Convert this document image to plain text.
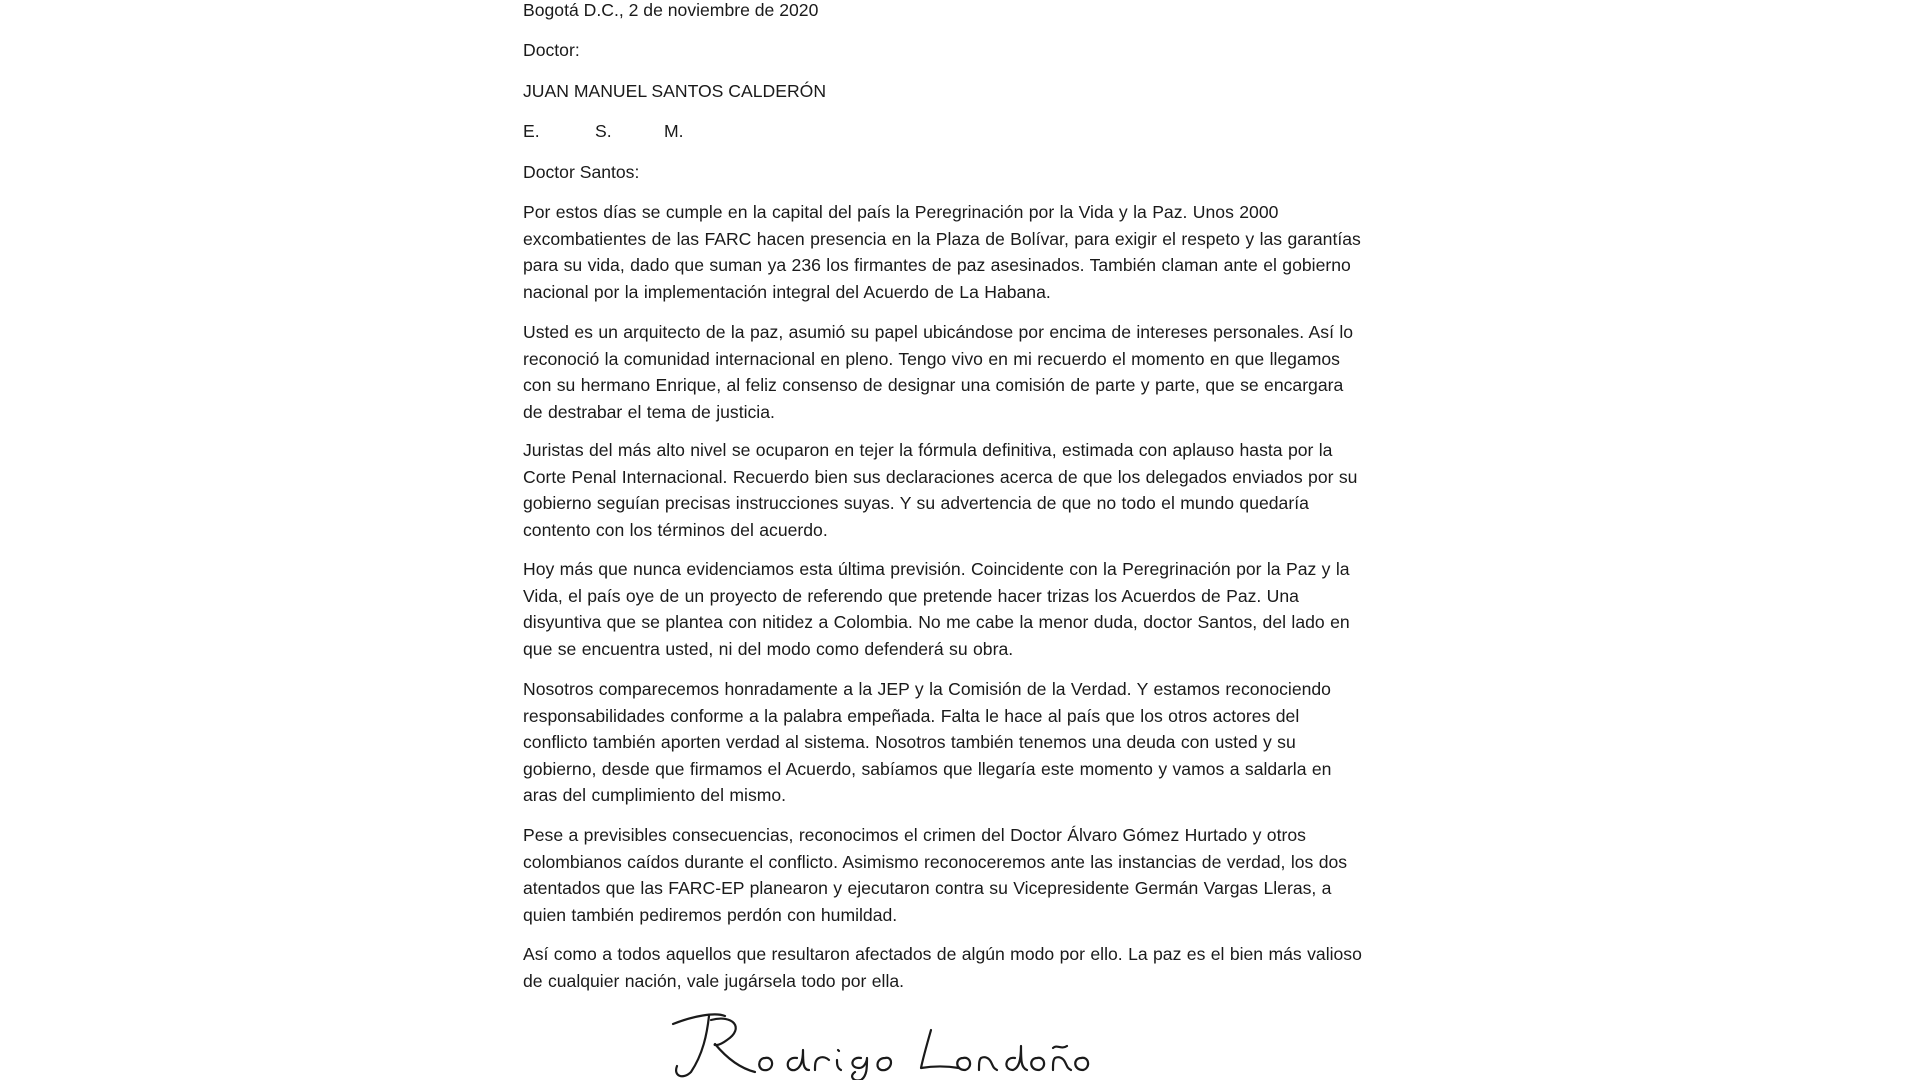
Bogotá D.C., 2 de noviembre de 2020
Doctor:
JUAN MANUEL SANTOS CALDERÓN
E.	S.	M.
Doctor Santos:

Por estos días se cumple en la capital del país la Peregrinación por la Vida y la Paz. Unos 2000 excombatientes de las FARC hacen presencia en la Plaza de Bolívar, para exigir el respeto y las garantías para su vida, dado que suman ya 236 los firmantes de paz asesinados. También claman ante el gobierno nacional por la implementación integral del Acuerdo de La Habana.

Usted es un arquitecto de la paz, asumió su papel ubicándose por encima de intereses personales. Así lo reconoció la comunidad internacional en pleno. Tengo vivo en mi recuerdo el momento en que llegamos con su hermano Enrique, al feliz consenso de designar una comisión de parte y parte, que se encargara de destrabar el tema de justicia.

Juristas del más alto nivel se ocuparon en tejer la fórmula definitiva, estimada con aplauso hasta por la Corte Penal Internacional. Recuerdo bien sus declaraciones acerca de que los delegados enviados por su gobierno seguían precisas instrucciones suyas. Y su advertencia de que no todo el mundo quedaría contento con los términos del acuerdo.

Hoy más que nunca evidenciamos esta última previsión. Coincidente con la Peregrinación por la Paz y la Vida, el país oye de un proyecto de referendo que pretende hacer trizas los Acuerdos de Paz. Una disyuntiva que se plantea con nitidez a Colombia. No me cabe la menor duda, doctor Santos, del lado en que se encuentra usted, ni del modo como defenderá su obra.

Nosotros comparecemos honradamente a la JEP y la Comisión de la Verdad. Y estamos reconociendo responsabilidades conforme a la palabra empeñada. Falta le hace al país que los otros actores del conflicto también aporten verdad al sistema. Nosotros también tenemos una deuda con usted y su gobierno, desde que firmamos el Acuerdo, sabíamos que llegaría este momento y vamos a saldarla en aras del cumplimiento del mismo.

Pese a previsibles consecuencias, reconocimos el crimen del Doctor Álvaro Gómez Hurtado y otros colombianos caídos durante el conflicto. Asimismo reconoceremos ante las instancias de verdad, los dos atentados que las FARC-EP planearon y ejecutaron contra su Vicepresidente Germán Vargas Lleras, a quien también pediremos perdón con humildad.

Así como a todos aquellos que resultaron afectados de algún modo por ello. La paz es el bien más valioso de cualquier nación, vale jugársela todo por ella.
